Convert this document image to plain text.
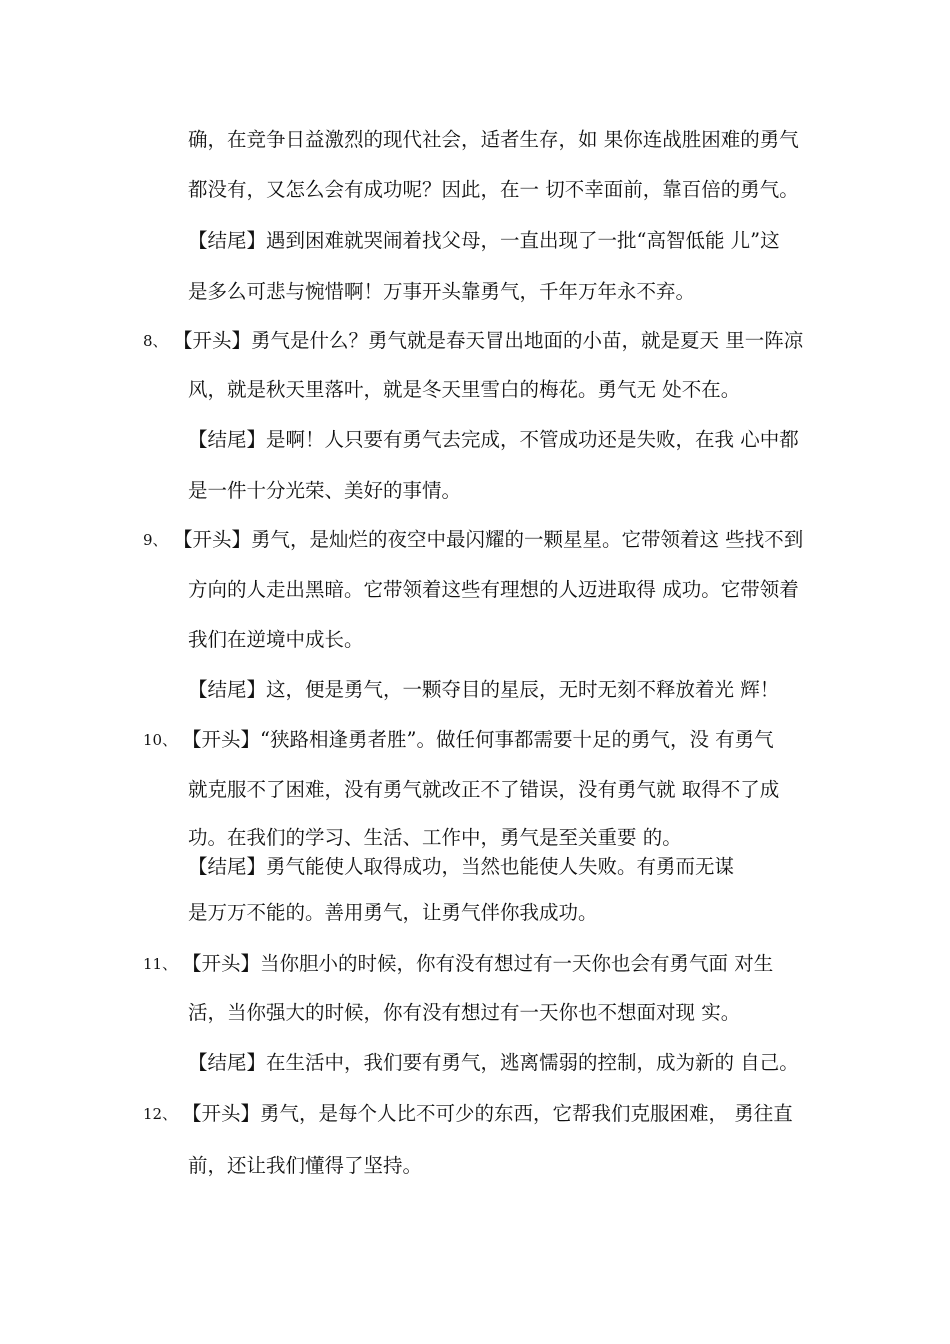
确，在竞争日益激烈的现代社会，适者生存，如 果你连战胜困难的勇气
都没有，又怎么会有成功呢？因此，在一 切不幸面前，靠百倍的勇气。
【结尾】遇到困难就哭闹着找父母，一直出现了一批“高智低能 儿”这
是多么可悲与惋惜啊！万事开头靠勇气，千年万年永不弃。
8、 【开头】勇气是什么？勇气就是春天冒出地面的小苗，就是夏天 里一阵凉
风，就是秋天里落叶，就是冬天里雪白的梅花。勇气无 处不在。
【结尾】是啊！人只要有勇气去完成，不管成功还是失败，在我 心中都
是一件十分光荣、美好的事情。
9、 【开头】勇气，是灿烂的夜空中最闪耀的一颗星星。它带领着这 些找不到
方向的人走出黑暗。它带领着这些有理想的人迈进取得 成功。它带领着
我们在逆境中成长。
【结尾】这，便是勇气，一颗夺目的星辰，无时无刻不释放着光 辉！
10、 【开头】“狭路相逢勇者胜”。做任何事都需要十足的勇气，没 有勇气
就克服不了困难，没有勇气就改正不了错误，没有勇气就 取得不了成
功。在我们的学习、生活、工作中，勇气是至关重要 的。
【结尾】勇气能使人取得成功，当然也能使人失败。有勇而无谋
是万万不能的。善用勇气，让勇气伴你我成功。
11、 【开头】当你胆小的时候，你有没有想过有一天你也会有勇气面 对生
活，当你强大的时候，你有没有想过有一天你也不想面对现 实。
【结尾】在生活中，我们要有勇气，逃离懦弱的控制，成为新的 自己。
12、 【开头】勇气，是每个人比不可少的东西，它帮我们克服困难， 勇往直
前，还让我们懂得了坚持。
